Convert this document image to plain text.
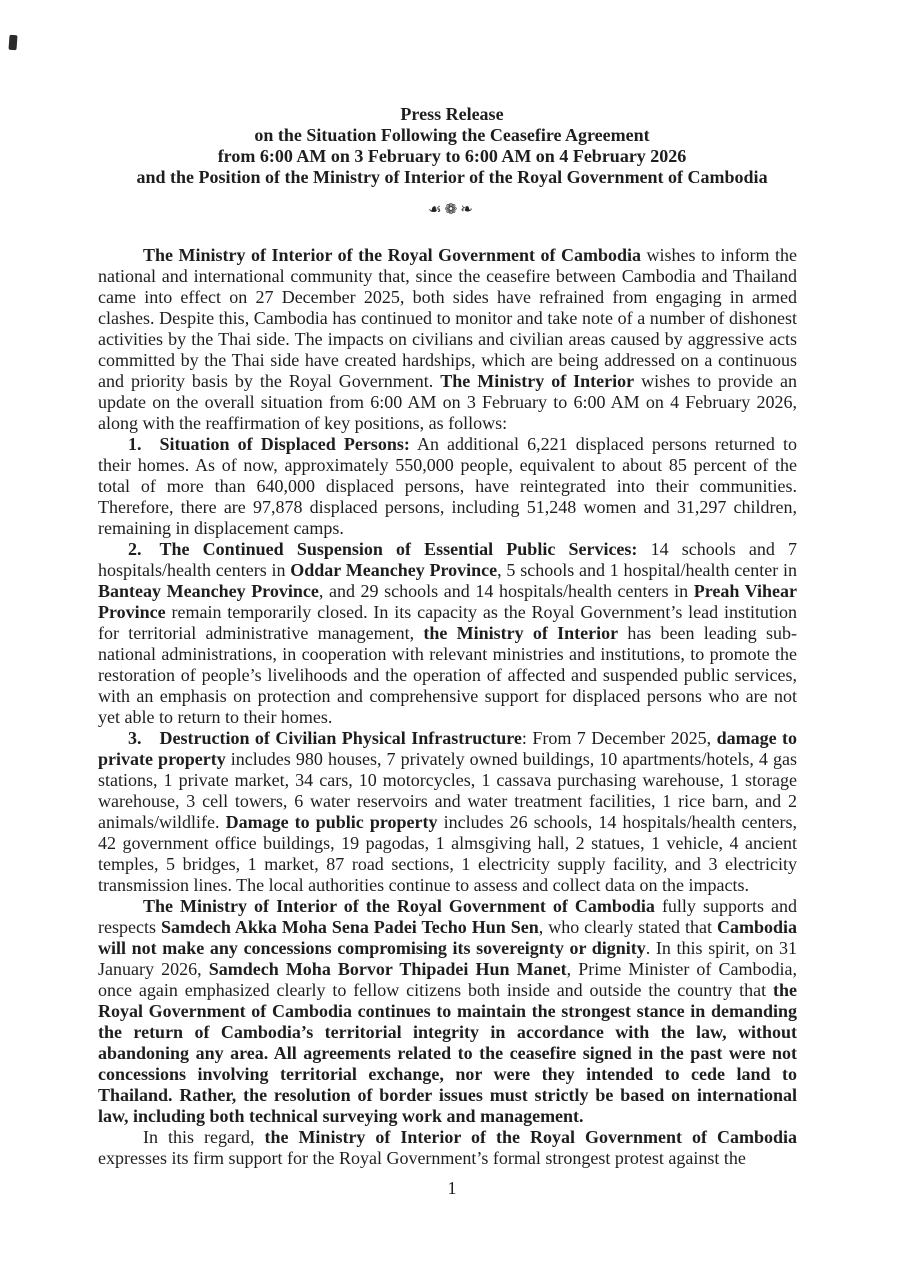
Press Release
on the Situation Following the Ceasefire Agreement
from 6:00 AM on 3 February to 6:00 AM on 4 February 2026
and the Position of the Ministry of Interior of the Royal Government of Cambodia
☙❁❧

The Ministry of Interior of the Royal Government of Cambodia wishes to inform the national and international community that, since the ceasefire between Cambodia and Thailand came into effect on 27 December 2025, both sides have refrained from engaging in armed clashes. Despite this, Cambodia has continued to monitor and take note of a number of dishonest activities by the Thai side. The impacts on civilians and civilian areas caused by aggressive acts committed by the Thai side have created hardships, which are being addressed on a continuous and priority basis by the Royal Government. The Ministry of Interior wishes to provide an update on the overall situation from 6:00 AM on 3 February to 6:00 AM on 4 February 2026, along with the reaffirmation of key positions, as follows:

1. Situation of Displaced Persons: An additional 6,221 displaced persons returned to their homes. As of now, approximately 550,000 people, equivalent to about 85 percent of the total of more than 640,000 displaced persons, have reintegrated into their communities. Therefore, there are 97,878 displaced persons, including 51,248 women and 31,297 children, remaining in displacement camps.

2. The Continued Suspension of Essential Public Services: 14 schools and 7 hospitals/health centers in Oddar Meanchey Province, 5 schools and 1 hospital/health center in Banteay Meanchey Province, and 29 schools and 14 hospitals/health centers in Preah Vihear Province remain temporarily closed. In its capacity as the Royal Government’s lead institution for territorial administrative management, the Ministry of Interior has been leading sub-national administrations, in cooperation with relevant ministries and institutions, to promote the restoration of people’s livelihoods and the operation of affected and suspended public services, with an emphasis on protection and comprehensive support for displaced persons who are not yet able to return to their homes.

3. Destruction of Civilian Physical Infrastructure: From 7 December 2025, damage to private property includes 980 houses, 7 privately owned buildings, 10 apartments/hotels, 4 gas stations, 1 private market, 34 cars, 10 motorcycles, 1 cassava purchasing warehouse, 1 storage warehouse, 3 cell towers, 6 water reservoirs and water treatment facilities, 1 rice barn, and 2 animals/wildlife. Damage to public property includes 26 schools, 14 hospitals/health centers, 42 government office buildings, 19 pagodas, 1 almsgiving hall, 2 statues, 1 vehicle, 4 ancient temples, 5 bridges, 1 market, 87 road sections, 1 electricity supply facility, and 3 electricity transmission lines. The local authorities continue to assess and collect data on the impacts.

The Ministry of Interior of the Royal Government of Cambodia fully supports and respects Samdech Akka Moha Sena Padei Techo Hun Sen, who clearly stated that Cambodia will not make any concessions compromising its sovereignty or dignity. In this spirit, on 31 January 2026, Samdech Moha Borvor Thipadei Hun Manet, Prime Minister of Cambodia, once again emphasized clearly to fellow citizens both inside and outside the country that the Royal Government of Cambodia continues to maintain the strongest stance in demanding the return of Cambodia’s territorial integrity in accordance with the law, without abandoning any area. All agreements related to the ceasefire signed in the past were not concessions involving territorial exchange, nor were they intended to cede land to Thailand. Rather, the resolution of border issues must strictly be based on international law, including both technical surveying work and management.

In this regard, the Ministry of Interior of the Royal Government of Cambodia expresses its firm support for the Royal Government’s formal strongest protest against the

1
